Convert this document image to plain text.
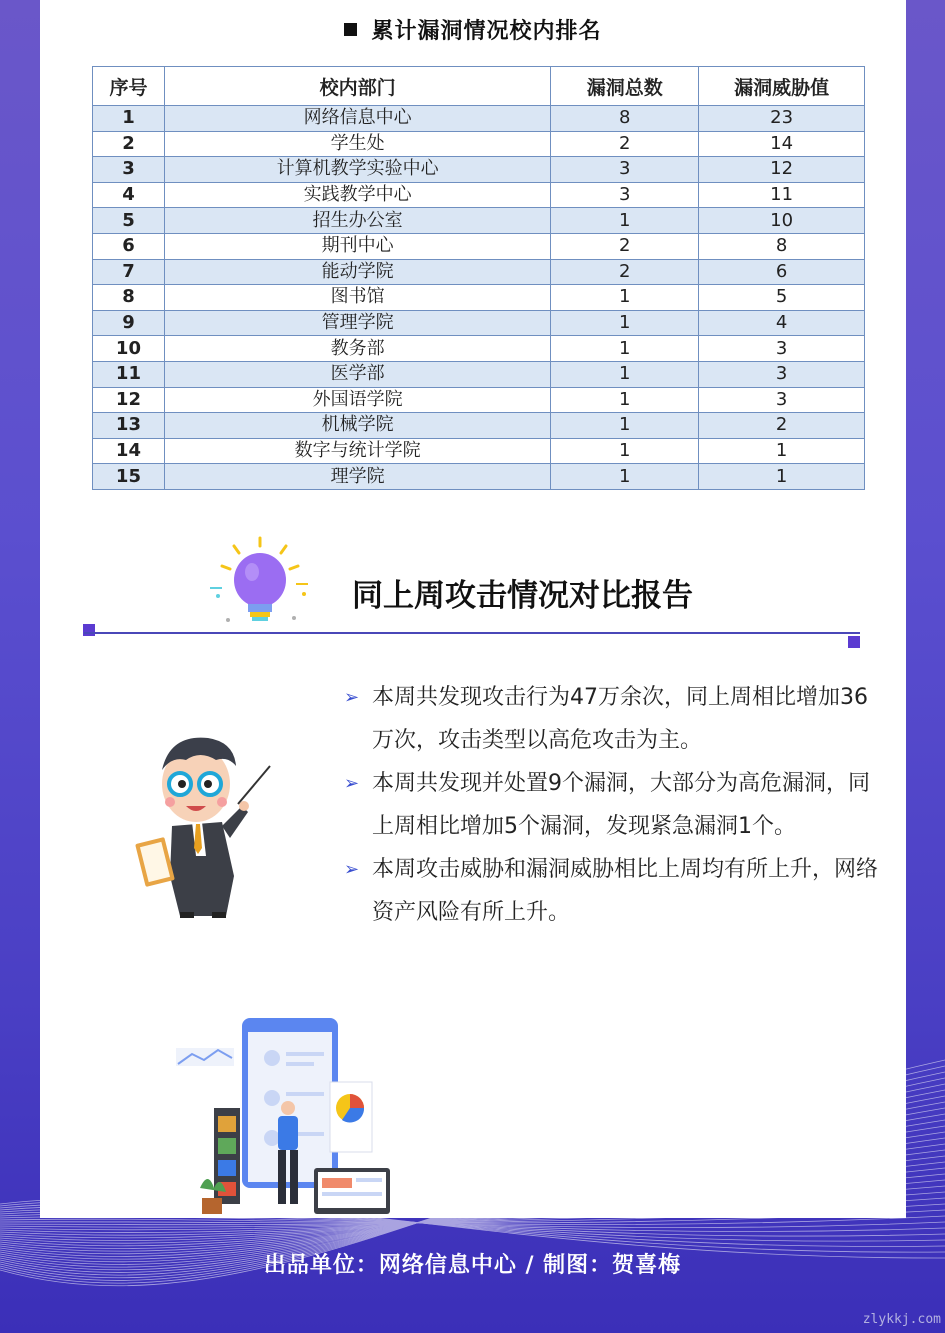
累计漏洞情况校内排名
序号	校内部门	漏洞总数	漏洞威胁值
1	网络信息中心	8	23
2	学生处	2	14
3	计算机教学实验中心	3	12
4	实践教学中心	3	11
5	招生办公室	1	10
6	期刊中心	2	8
7	能动学院	2	6
8	图书馆	1	5
9	管理学院	1	4
10	教务部	1	3
11	医学部	1	3
12	外国语学院	1	3
13	机械学院	1	2
14	数字与统计学院	1	1
15	理学院	1	1
同上周攻击情况对比报告
➢ 本周共发现攻击行为47万余次，同上周相比增加36万次，攻击类型以高危攻击为主。
➢ 本周共发现并处置9个漏洞，大部分为高危漏洞，同上周相比增加5个漏洞，发现紧急漏洞1个。
➢ 本周攻击威胁和漏洞威胁相比上周均有所上升，网络资产风险有所上升。
出品单位：网络信息中心 / 制图：贺喜梅
zlykkj.com
